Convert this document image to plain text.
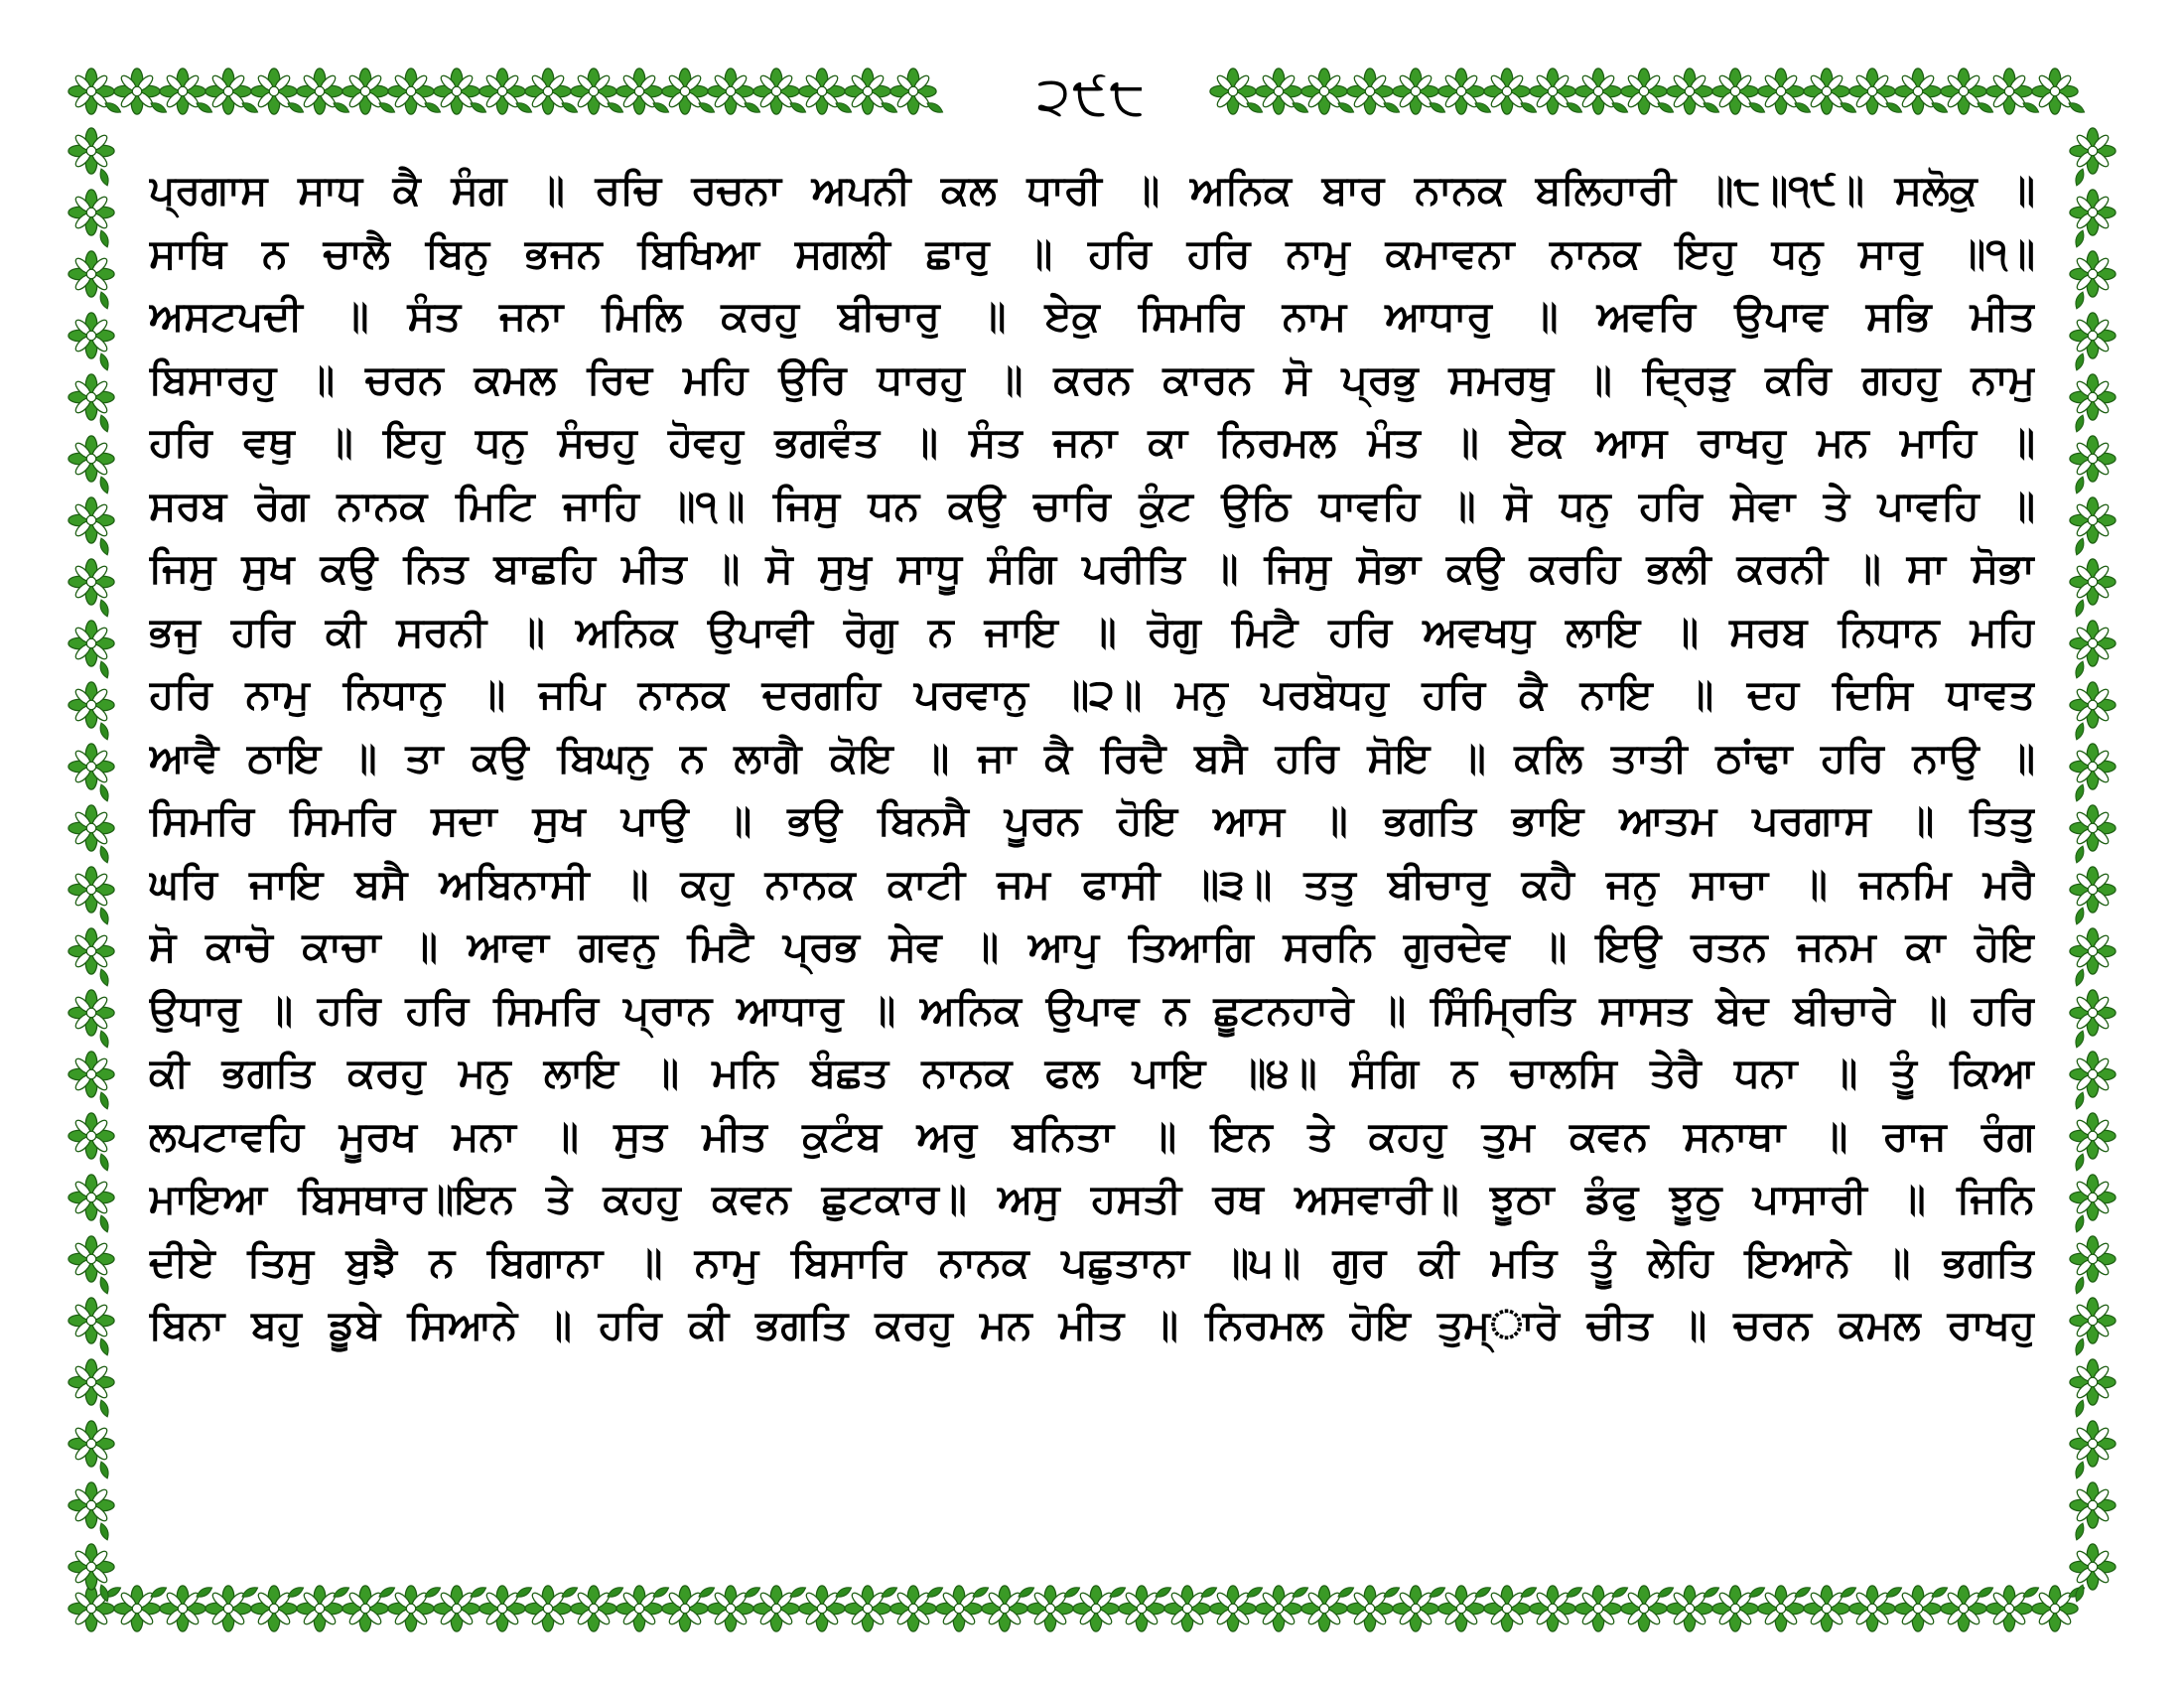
੨੯੮
ਪ੍ਰਗਾਸ ਸਾਧ ਕੈ ਸੰਗ ॥ ਰਚਿ ਰਚਨਾ ਅਪਨੀ ਕਲ ਧਾਰੀ ॥ ਅਨਿਕ ਬਾਰ ਨਾਨਕ ਬਲਿਹਾਰੀ ॥੮॥੧੯॥ ਸਲੋਕੁ ॥
ਸਾਥਿ ਨ ਚਾਲੈ ਬਿਨੁ ਭਜਨ ਬਿਖਿਆ ਸਗਲੀ ਛਾਰੁ ॥ ਹਰਿ ਹਰਿ ਨਾਮੁ ਕਮਾਵਨਾ ਨਾਨਕ ਇਹੁ ਧਨੁ ਸਾਰੁ ॥੧॥
ਅਸਟਪਦੀ ॥ ਸੰਤ ਜਨਾ ਮਿਲਿ ਕਰਹੁ ਬੀਚਾਰੁ ॥ ਏਕੁ ਸਿਮਰਿ ਨਾਮ ਆਧਾਰੁ ॥ ਅਵਰਿ ਉਪਾਵ ਸਭਿ ਮੀਤ
ਬਿਸਾਰਹੁ ॥ ਚਰਨ ਕਮਲ ਰਿਦ ਮਹਿ ਉਰਿ ਧਾਰਹੁ ॥ ਕਰਨ ਕਾਰਨ ਸੋ ਪ੍ਰਭੁ ਸਮਰਥੁ ॥ ਦ੍ਰਿੜੁ ਕਰਿ ਗਹਹੁ ਨਾਮੁ
ਹਰਿ ਵਥੁ ॥ ਇਹੁ ਧਨੁ ਸੰਚਹੁ ਹੋਵਹੁ ਭਗਵੰਤ ॥ ਸੰਤ ਜਨਾ ਕਾ ਨਿਰਮਲ ਮੰਤ ॥ ਏਕ ਆਸ ਰਾਖਹੁ ਮਨ ਮਾਹਿ ॥
ਸਰਬ ਰੋਗ ਨਾਨਕ ਮਿਟਿ ਜਾਹਿ ॥੧॥ ਜਿਸੁ ਧਨ ਕਉ ਚਾਰਿ ਕੁੰਟ ਉਠਿ ਧਾਵਹਿ ॥ ਸੋ ਧਨੁ ਹਰਿ ਸੇਵਾ ਤੇ ਪਾਵਹਿ ॥
ਜਿਸੁ ਸੁਖ ਕਉ ਨਿਤ ਬਾਛਹਿ ਮੀਤ ॥ ਸੋ ਸੁਖੁ ਸਾਧੂ ਸੰਗਿ ਪਰੀਤਿ ॥ ਜਿਸੁ ਸੋਭਾ ਕਉ ਕਰਹਿ ਭਲੀ ਕਰਨੀ ॥ ਸਾ ਸੋਭਾ
ਭਜੁ ਹਰਿ ਕੀ ਸਰਨੀ ॥ ਅਨਿਕ ਉਪਾਵੀ ਰੋਗੁ ਨ ਜਾਇ ॥ ਰੋਗੁ ਮਿਟੈ ਹਰਿ ਅਵਖਧੁ ਲਾਇ ॥ ਸਰਬ ਨਿਧਾਨ ਮਹਿ
ਹਰਿ ਨਾਮੁ ਨਿਧਾਨੁ ॥ ਜਪਿ ਨਾਨਕ ਦਰਗਹਿ ਪਰਵਾਨੁ ॥੨॥ ਮਨੁ ਪਰਬੋਧਹੁ ਹਰਿ ਕੈ ਨਾਇ ॥ ਦਹ ਦਿਸਿ ਧਾਵਤ
ਆਵੈ ਠਾਇ ॥ ਤਾ ਕਉ ਬਿਘਨੁ ਨ ਲਾਗੈ ਕੋਇ ॥ ਜਾ ਕੈ ਰਿਦੈ ਬਸੈ ਹਰਿ ਸੋਇ ॥ ਕਲਿ ਤਾਤੀ ਠਾਂਢਾ ਹਰਿ ਨਾਉ ॥
ਸਿਮਰਿ ਸਿਮਰਿ ਸਦਾ ਸੁਖ ਪਾਉ ॥ ਭਉ ਬਿਨਸੈ ਪੂਰਨ ਹੋਇ ਆਸ ॥ ਭਗਤਿ ਭਾਇ ਆਤਮ ਪਰਗਾਸ ॥ ਤਿਤੁ
ਘਰਿ ਜਾਇ ਬਸੈ ਅਬਿਨਾਸੀ ॥ ਕਹੁ ਨਾਨਕ ਕਾਟੀ ਜਮ ਫਾਸੀ ॥੩॥ ਤਤੁ ਬੀਚਾਰੁ ਕਹੈ ਜਨੁ ਸਾਚਾ ॥ ਜਨਮਿ ਮਰੈ
ਸੋ ਕਾਚੋ ਕਾਚਾ ॥ ਆਵਾ ਗਵਨੁ ਮਿਟੈ ਪ੍ਰਭ ਸੇਵ ॥ ਆਪੁ ਤਿਆਗਿ ਸਰਨਿ ਗੁਰਦੇਵ ॥ ਇਉ ਰਤਨ ਜਨਮ ਕਾ ਹੋਇ
ਉਧਾਰੁ ॥ ਹਰਿ ਹਰਿ ਸਿਮਰਿ ਪ੍ਰਾਨ ਆਧਾਰੁ ॥ ਅਨਿਕ ਉਪਾਵ ਨ ਛੂਟਨਹਾਰੇ ॥ ਸਿੰਮ੍ਰਿਤਿ ਸਾਸਤ ਬੇਦ ਬੀਚਾਰੇ ॥ ਹਰਿ
ਕੀ ਭਗਤਿ ਕਰਹੁ ਮਨੁ ਲਾਇ ॥ ਮਨਿ ਬੰਛਤ ਨਾਨਕ ਫਲ ਪਾਇ ॥੪॥ ਸੰਗਿ ਨ ਚਾਲਸਿ ਤੇਰੈ ਧਨਾ ॥ ਤੂੰ ਕਿਆ
ਲਪਟਾਵਹਿ ਮੂਰਖ ਮਨਾ ॥ ਸੁਤ ਮੀਤ ਕੁਟੰਬ ਅਰੁ ਬਨਿਤਾ ॥ ਇਨ ਤੇ ਕਹਹੁ ਤੁਮ ਕਵਨ ਸਨਾਥਾ ॥ ਰਾਜ ਰੰਗ
ਮਾਇਆ ਬਿਸਥਾਰ॥ਇਨ ਤੇ ਕਹਹੁ ਕਵਨ ਛੁਟਕਾਰ॥ ਅਸੁ ਹਸਤੀ ਰਥ ਅਸਵਾਰੀ॥ ਝੂਠਾ ਡੰਫੁ ਝੂਠੁ ਪਾਸਾਰੀ ॥ ਜਿਨਿ
ਦੀਏ ਤਿਸੁ ਬੁਝੈ ਨ ਬਿਗਾਨਾ ॥ ਨਾਮੁ ਬਿਸਾਰਿ ਨਾਨਕ ਪਛੁਤਾਨਾ ॥੫॥ ਗੁਰ ਕੀ ਮਤਿ ਤੂੰ ਲੇਹਿ ਇਆਨੇ ॥ ਭਗਤਿ
ਬਿਨਾ ਬਹੁ ਡੂਬੇ ਸਿਆਨੇ ॥ ਹਰਿ ਕੀ ਭਗਤਿ ਕਰਹੁ ਮਨ ਮੀਤ ॥ ਨਿਰਮਲ ਹੋਇ ਤੁਮ੍ਾਰੋ ਚੀਤ ॥ ਚਰਨ ਕਮਲ ਰਾਖਹੁ
